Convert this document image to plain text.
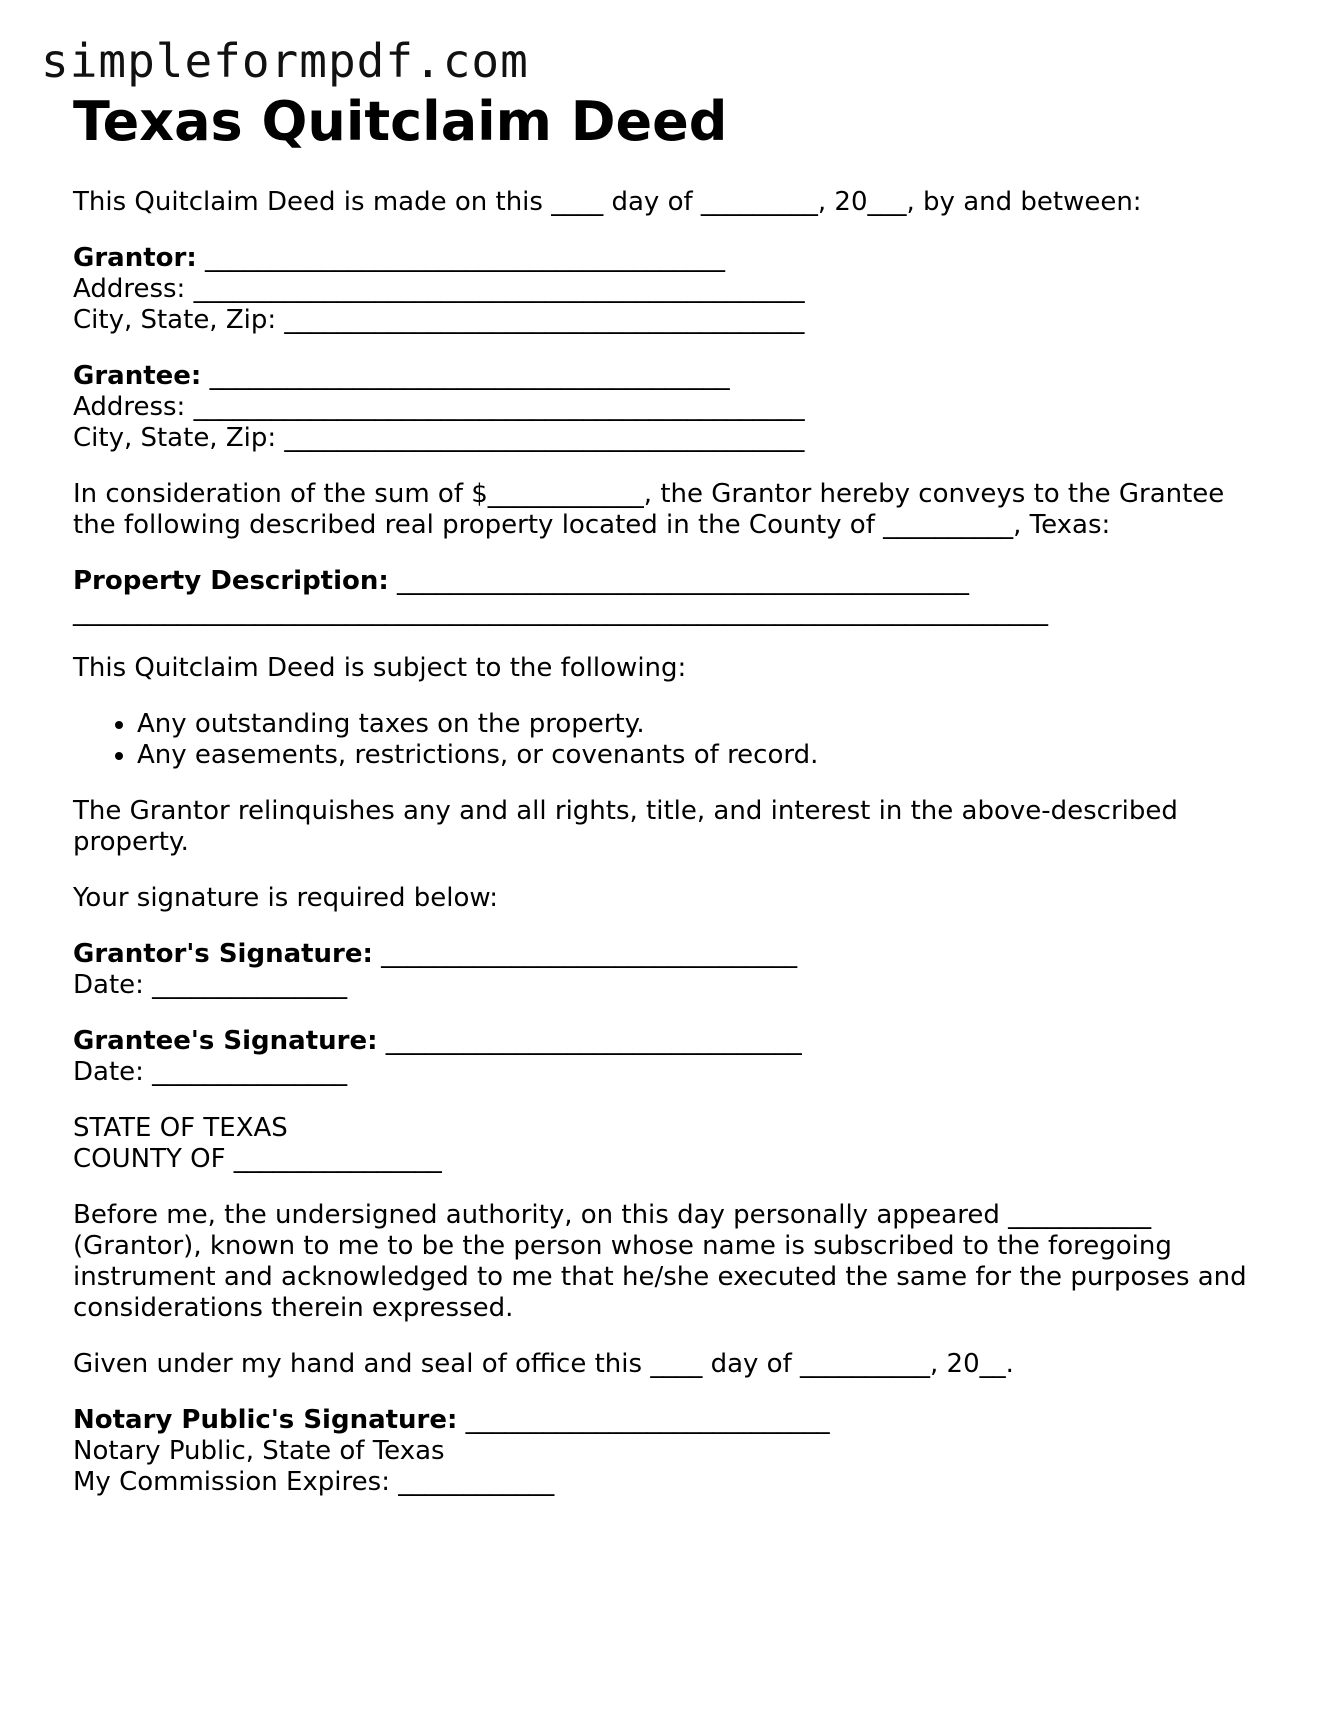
simpleformpdf.com
Texas Quitclaim Deed

This Quitclaim Deed is made on this ____ day of _________, 20___, by and between:

Grantor: ________________________________________
Address: _______________________________________________
City, State, Zip: ________________________________________

Grantee: ________________________________________
Address: _______________________________________________
City, State, Zip: ________________________________________

In consideration of the sum of $____________, the Grantor hereby conveys to the Grantee
the following described real property located in the County of __________, Texas:

Property Description: ____________________________________________
___________________________________________________________________________

This Quitclaim Deed is subject to the following:

• Any outstanding taxes on the property.
• Any easements, restrictions, or covenants of record.

The Grantor relinquishes any and all rights, title, and interest in the above-described
property.

Your signature is required below:

Grantor's Signature: ________________________________
Date: _______________

Grantee's Signature: ________________________________
Date: _______________

STATE OF TEXAS
COUNTY OF ________________

Before me, the undersigned authority, on this day personally appeared ___________
(Grantor), known to me to be the person whose name is subscribed to the foregoing
instrument and acknowledged to me that he/she executed the same for the purposes and
considerations therein expressed.

Given under my hand and seal of office this ____ day of __________, 20__.

Notary Public's Signature: ____________________________
Notary Public, State of Texas
My Commission Expires: ____________
